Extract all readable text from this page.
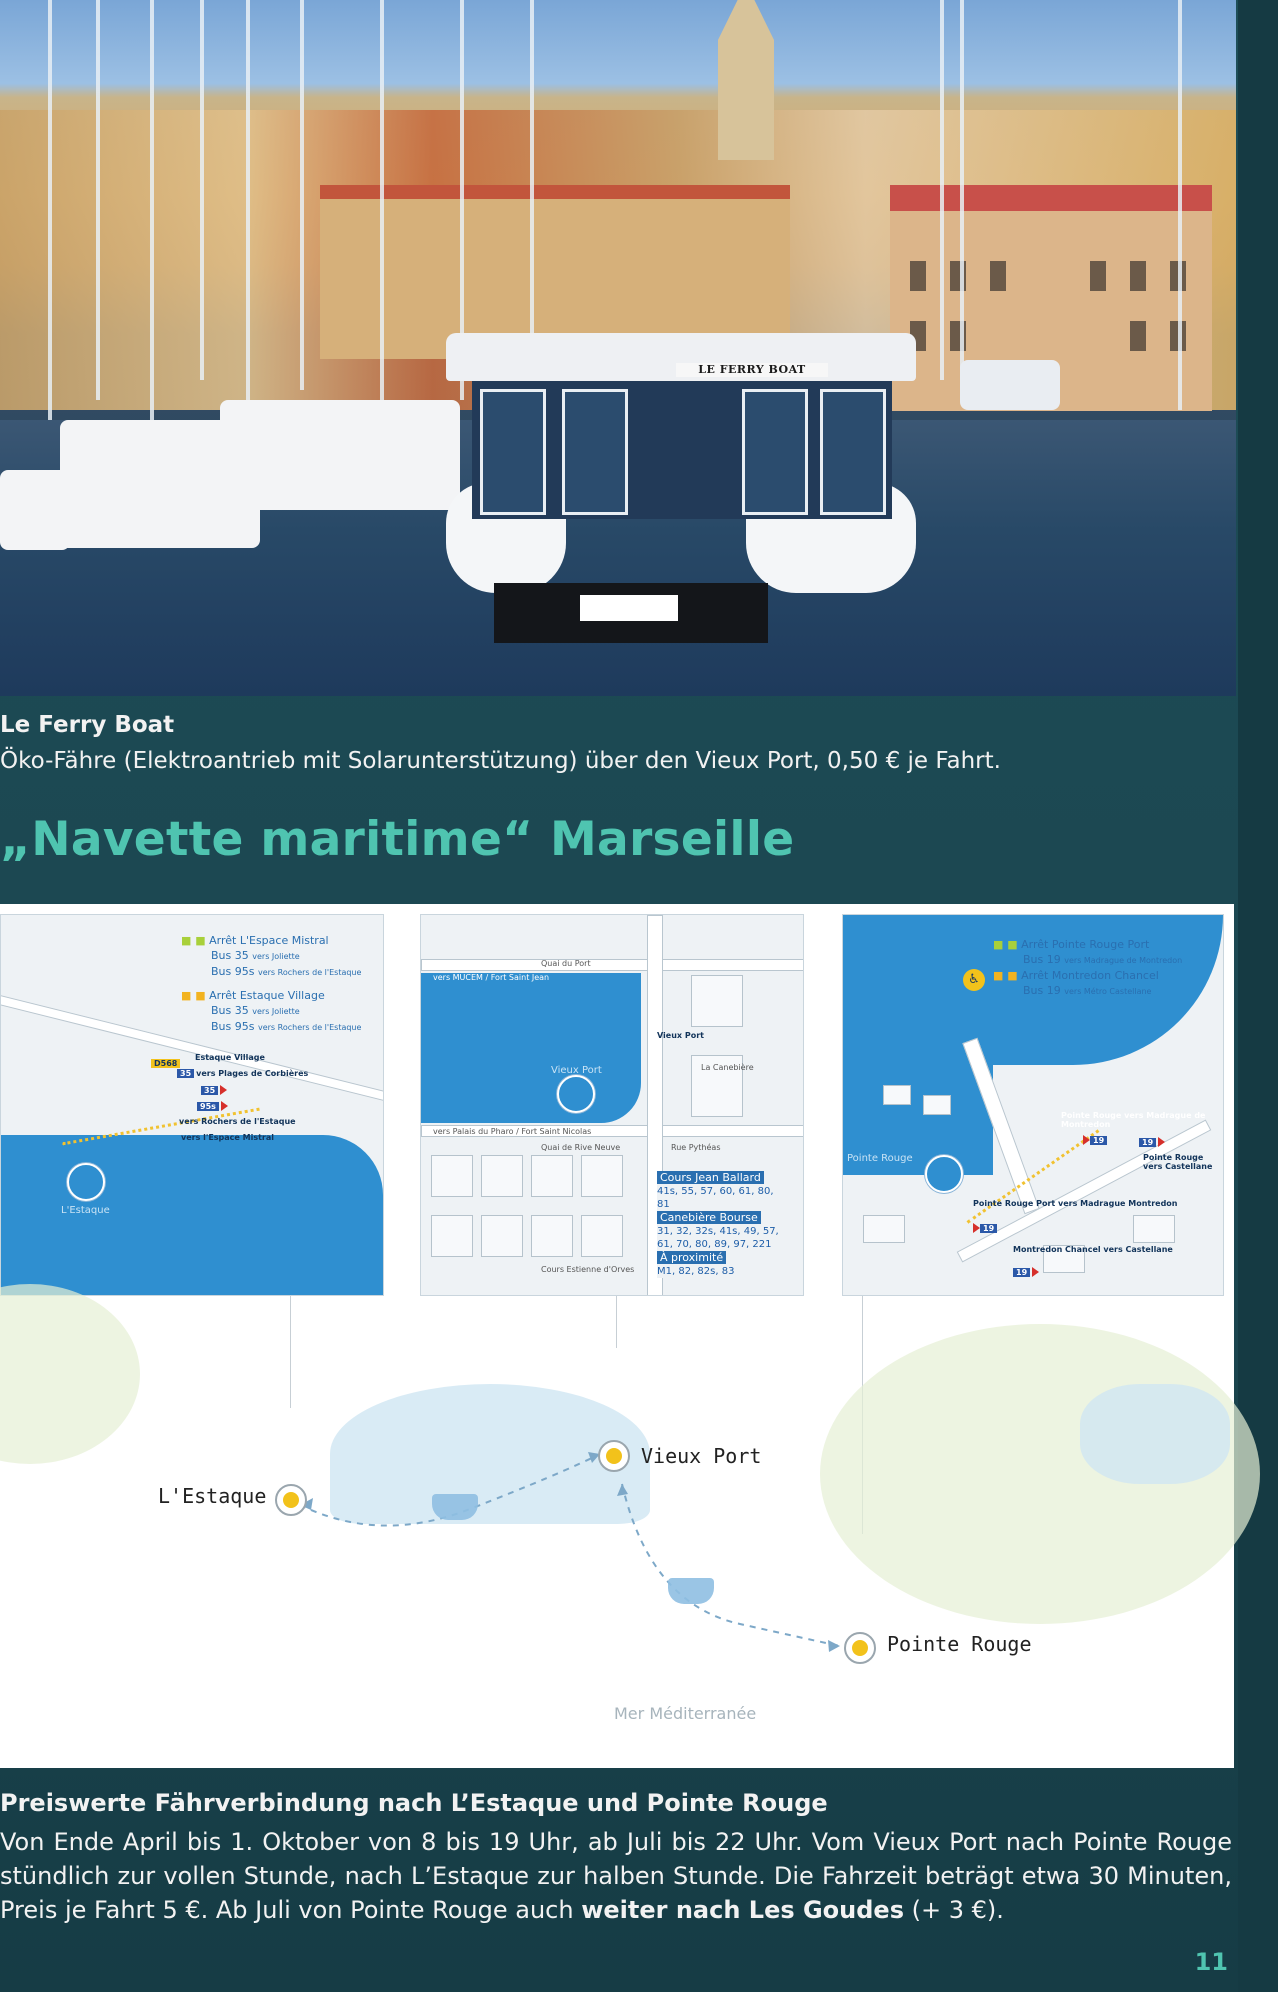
LE FERRY BOAT
Le Ferry Boat
Öko-Fähre (Elektroantrieb mit Solarunterstützung) über den Vieux Port, 0,50 € je Fahrt.
„Navette maritime“ Marseille
L'Estaque
■ ■ Arrêt L'Espace Mistral
Bus 35 vers Joliette
Bus 95s vers Rochers de l'Estaque
■ ■ Arrêt Estaque Village
Bus 35 vers Joliette
Bus 95s vers Rochers de l'Estaque
Estaque Village
35 vers Plages de Corbières
35
95s
vers Rochers de l'Estaque
vers l'Espace Mistral
D568
Vieux Port
Quai du Port
vers MUCEM / Fort Saint Jean
vers Palais du Pharo / Fort Saint Nicolas
Quai de Rive Neuve
La Canebière
Rue Pythéas
Cours Estienne d'Orves
Vieux Port
Cours Jean Ballard
41s, 55, 57, 60, 61, 80, 81
Canebière Bourse
31, 32, 32s, 41s, 49, 57, 61, 70, 80, 89, 97, 221
À proximité
M1, 82, 82s, 83
Pointe Rouge
♿
■ ■ Arrêt Pointe Rouge Port
Bus 19 vers Madrague de Montredon
■ ■ Arrêt Montredon Chancel
Bus 19 vers Métro Castellane
Pointe Rouge vers Madrague de Montredon
19	19
Pointe Rouge vers Castellane
Pointe Rouge Port vers Madrague Montredon
19
Montredon Chancel vers Castellane
19
L'Estaque
Vieux Port
Pointe Rouge
Mer Méditerranée
Preiswerte Fährverbindung nach L’Estaque und Pointe Rouge
Von Ende April bis 1. Oktober von 8 bis 19 Uhr, ab Juli bis 22 Uhr. Vom Vieux Port nach Pointe Rouge stündlich zur vollen Stunde, nach L’Estaque zur halben Stunde. Die Fahrzeit beträgt etwa 30 Minuten, Preis je Fahrt 5 €. Ab Juli von Pointe Rouge auch weiter nach Les Goudes (+ 3 €).
11
